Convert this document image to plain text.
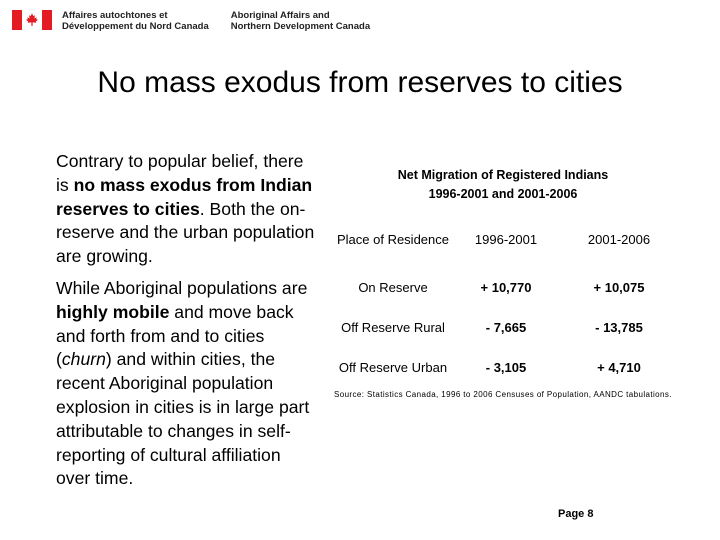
Affaires autochtones et
Développement du Nord Canada
Aboriginal Affairs and
Northern Development Canada
No mass exodus from reserves to cities

Contrary to popular belief, there is no mass exodus from Indian reserves to cities. Both the on-reserve and the urban population are growing.

While Aboriginal populations are highly mobile and move back and forth from and to cities (churn) and within cities, the recent Aboriginal population explosion in cities is in large part attributable to changes in self-reporting of cultural affiliation over time.

Net Migration of Registered Indians
1996-2001 and 2001-2006
Place of Residence	1996-2001	2001-2006
On Reserve	+ 10,770	+ 10,075
Off Reserve Rural	- 7,665	- 13,785
Off Reserve Urban	- 3,105	+ 4,710
Source: Statistics Canada, 1996 to 2006 Censuses of Population, AANDC tabulations.
Page 8
